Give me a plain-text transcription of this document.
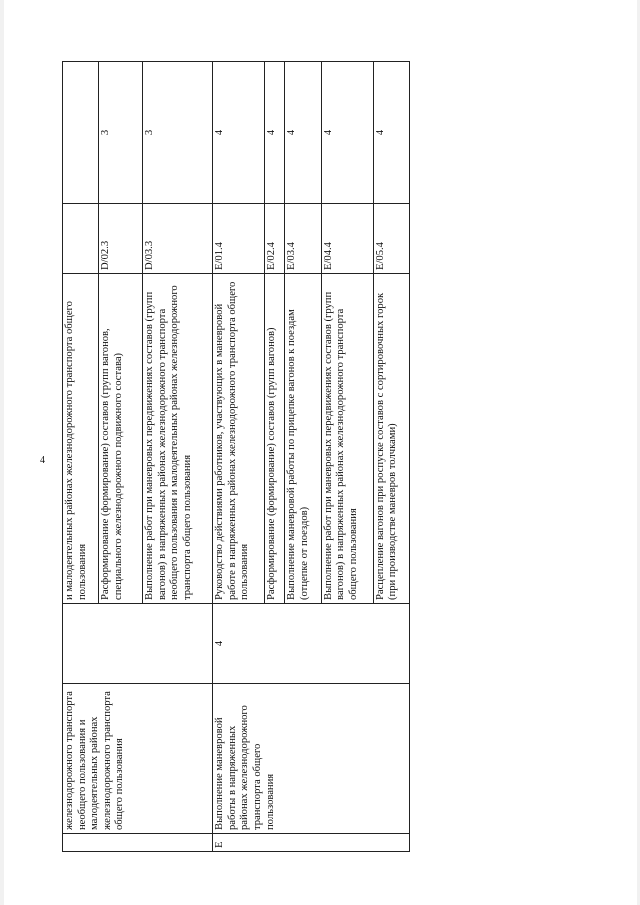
4
	железнодорожного транспорта необщего пользования и малодеятельных районах железнодорожного транспорта общего пользования		и малодеятельных районах железнодорожного транспорта общего пользования		
			Расформирование (формирование) составов (групп вагонов, специального железнодорожного подвижного состава)	D/02.3	3
			Выполнение работ при маневровых передвижениях составов (групп вагонов) в напряженных районах железнодорожного транспорта необщего пользования и малодеятельных районах железнодорожного транспорта общего пользования	D/03.3	3
E	Выполнение маневровой работы в напряженных районах железнодорожного транспорта общего пользования	4	Руководство действиями работников, участвующих в маневровой работе в напряженных районах железнодорожного транспорта общего пользования	E/01.4	4
			Расформирование (формирование) составов (групп вагонов)	E/02.4	4
			Выполнение маневровой работы по прицепке вагонов к поездам (отцепке от поездов)	E/03.4	4
			Выполнение работ при маневровых передвижениях составов (групп вагонов) в напряженных районах железнодорожного транспорта общего пользования	E/04.4	4
			Расцепление вагонов при роспуске составов с сортировочных горок (при производстве маневров толчками)	E/05.4	4
